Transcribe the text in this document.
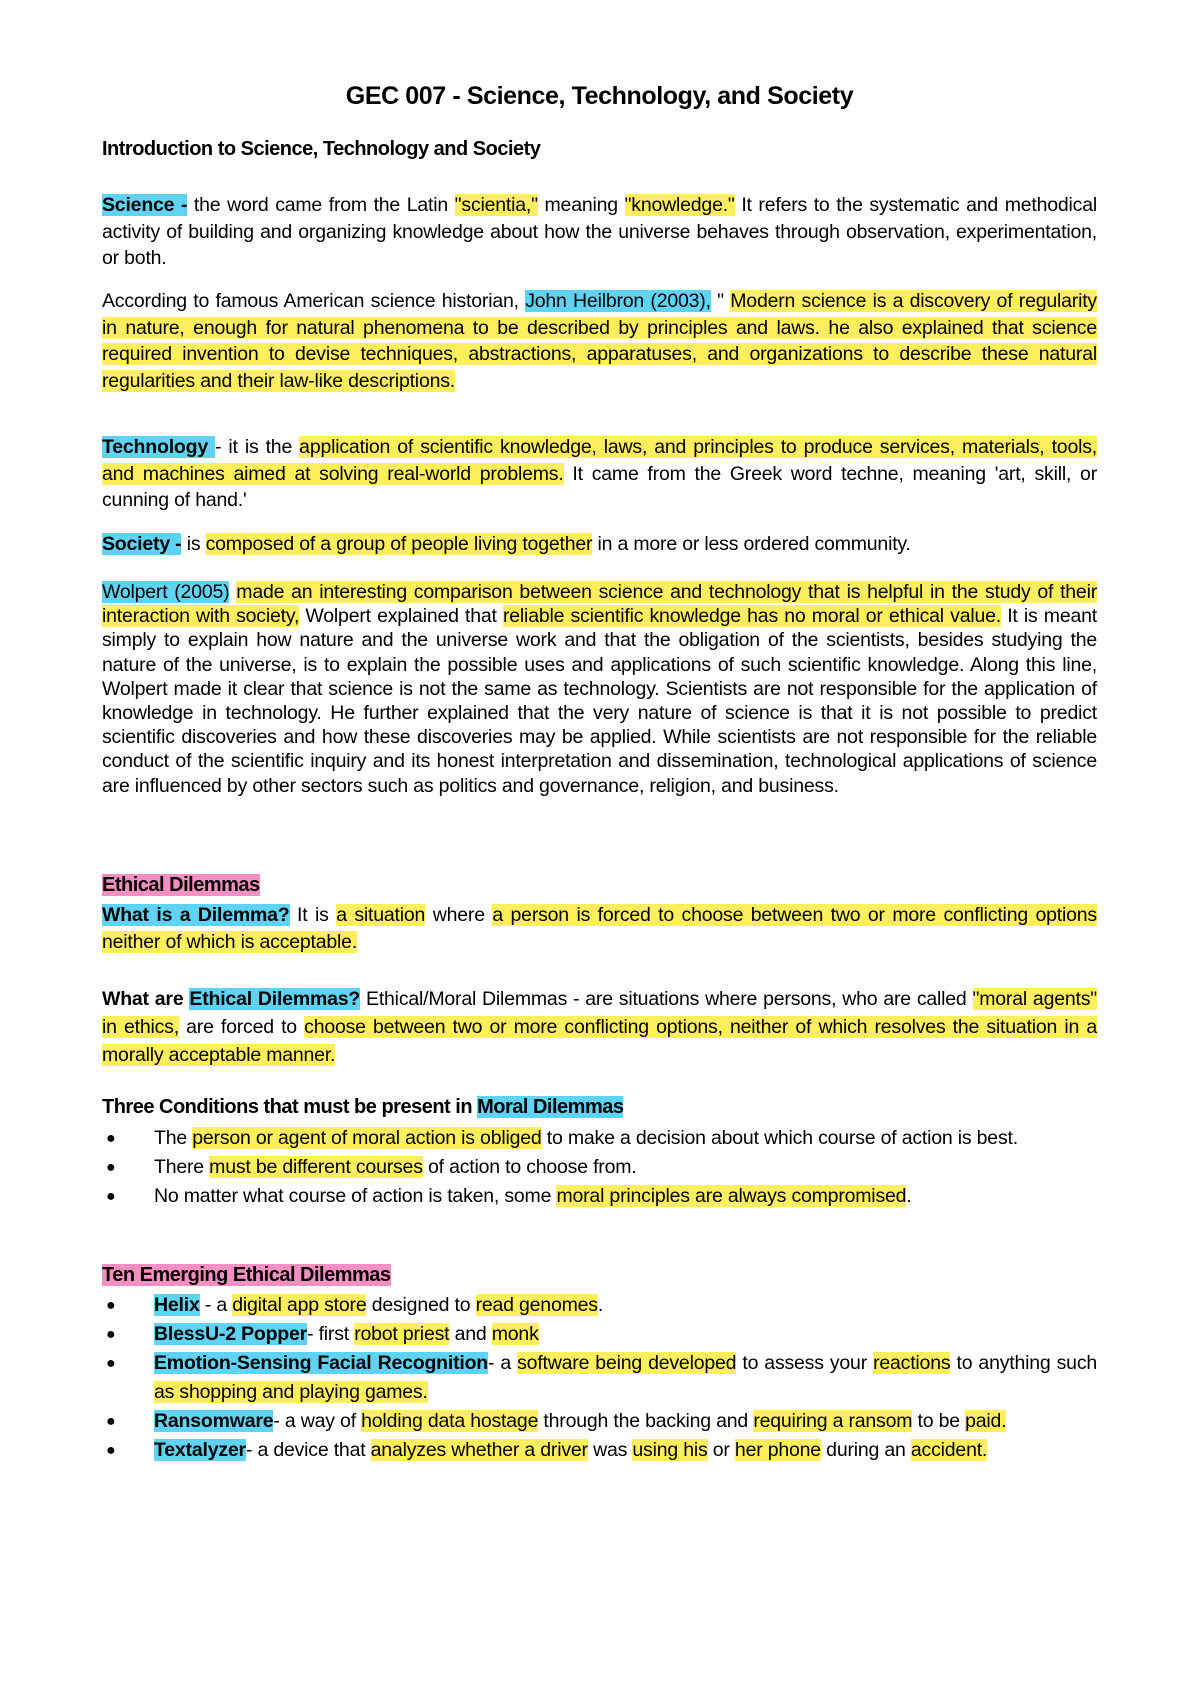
GEC 007 - Science, Technology, and Society
Introduction to Science, Technology and Society

Science - the word came from the Latin "scientia," meaning "knowledge." It refers to the systematic and methodical activity of building and organizing knowledge about how the universe behaves through observation, experimentation, or both.

According to famous American science historian, John Heilbron (2003), " Modern science is a discovery of regularity in nature, enough for natural phenomena to be described by principles and laws. he also explained that science required invention to devise techniques, abstractions, apparatuses, and organizations to describe these natural regularities and their law-like descriptions.

Technology - it is the application of scientific knowledge, laws, and principles to produce services, materials, tools, and machines aimed at solving real-world problems. It came from the Greek word techne, meaning 'art, skill, or cunning of hand.'

Society - is composed of a group of people living together in a more or less ordered community.

Wolpert (2005) made an interesting comparison between science and technology that is helpful in the study of their interaction with society, Wolpert explained that reliable scientific knowledge has no moral or ethical value. It is meant simply to explain how nature and the universe work and that the obligation of the scientists, besides studying the nature of the universe, is to explain the possible uses and applications of such scientific knowledge. Along this line, Wolpert made it clear that science is not the same as technology. Scientists are not responsible for the application of knowledge in technology. He further explained that the very nature of science is that it is not possible to predict scientific discoveries and how these discoveries may be applied. While scientists are not responsible for the reliable conduct of the scientific inquiry and its honest interpretation and dissemination, technological applications of science are influenced by other sectors such as politics and governance, religion, and business.

Ethical Dilemmas

What is a Dilemma? It is a situation where a person is forced to choose between two or more conflicting options neither of which is acceptable.

What are Ethical Dilemmas? Ethical/Moral Dilemmas - are situations where persons, who are called "moral agents" in ethics, are forced to choose between two or more conflicting options, neither of which resolves the situation in a morally acceptable manner.

Three Conditions that must be present in Moral Dilemmas
● The person or agent of moral action is obliged to make a decision about which course of action is best.
● There must be different courses of action to choose from.
● No matter what course of action is taken, some moral principles are always compromised.
Ten Emerging Ethical Dilemmas
● Helix - a digital app store designed to read genomes.
● BlessU-2 Popper- first robot priest and monk
● Emotion-Sensing Facial Recognition- a software being developed to assess your reactions to anything such as shopping and playing games.
● Ransomware- a way of holding data hostage through the backing and requiring a ransom to be paid.
● Textalyzer- a device that analyzes whether a driver was using his or her phone during an accident.
